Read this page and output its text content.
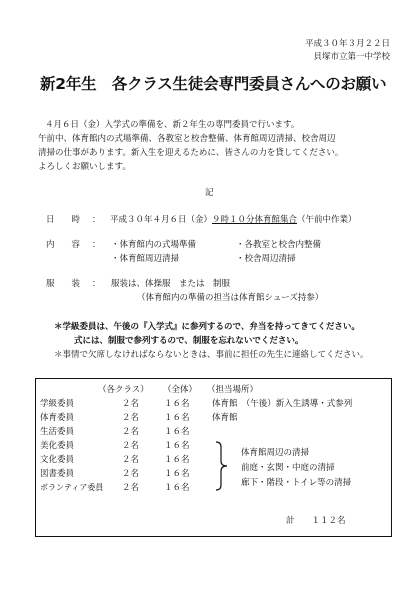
平成３０年３月２２日
貝塚市立第一中学校
新2年生　各クラス生徒会専門委員さんへのお願い
４月６日（金）入学式の準備を、新２年生の専門委員で行います。
午前中、体育館内の式場準備、各教室と校舎整備、体育館周辺清掃、校舎周辺
清掃の仕事があります。新入生を迎えるために、皆さんの力を貸してください。
よろしくお願いします。
記
日　　時 ： 平成３０年４月６日（金）９時１０分体育館集合（午前中作業）
内　　容 ： ・体育館内の式場準備	・各教室と校舎内整備
・体育館周辺清掃	・校舎周辺清掃
服　　装 ： 服装は、体操服　または　制服
（体育館内の準備の担当は体育館シューズ持参）
＊学級委員は、午後の『入学式』に参列するので、弁当を持ってきてください。
式には、制服で参列するので、制服を忘れないでください。
＊事情で欠席しなければならないときは、事前に担任の先生に連絡してください。
（各クラス） （全体） （担当場所）
学級委員	２名	１６名	体育館　（午後）新入生誘導・式参列
体育委員	２名	１６名	体育館
生活委員	２名	１６名
美化委員	２名	１６名
文化委員	２名	１６名
図書委員	２名	１６名
ボランティア委員 ２名	１６名
体育館周辺の清掃
前庭・玄関・中庭の清掃
廊下・階段・トイレ等の清掃
計　　１１２名
